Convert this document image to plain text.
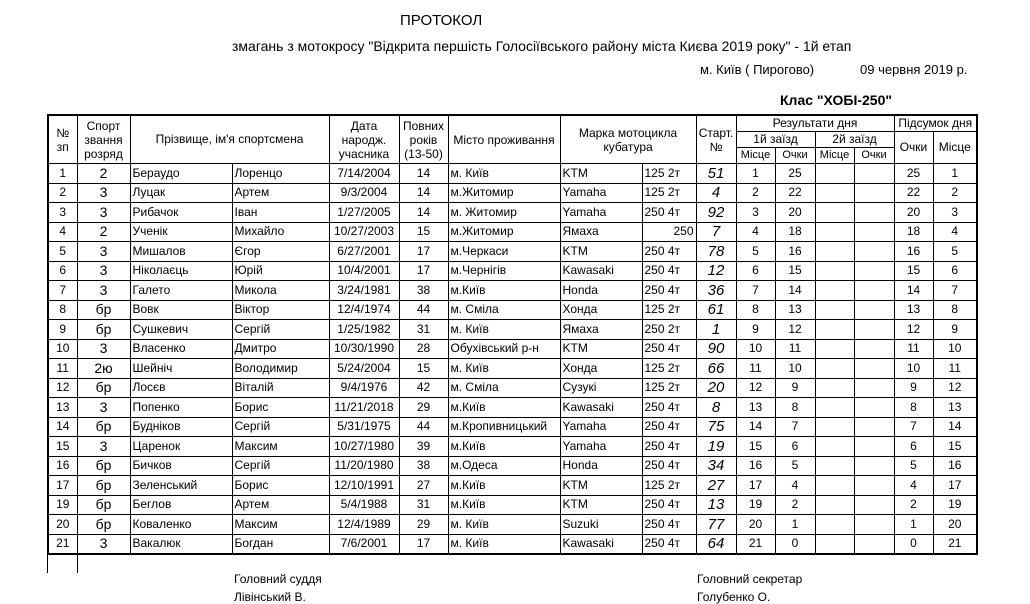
ПРОТОКОЛ
змагань з мотокросу "Відкрита першість Голосіївського району міста Києва 2019 року" - 1й етап
м. Київ ( Пирогово)	09 червня 2019 р.
Клас "ХОБІ-250"
№ зп	Спорт звання розряд	Прізвище, ім'я спортсмена		Дата народж. учасника	Повних років (13-50)	Місто проживання	Марка мотоцикла кубатура		Старт. №	Результати дня				Підсумок дня	
										1й заїзд		2й заїзд		Очки	Місце
										Місце	Очки	Місце	Очки		
1	2	Бераудо	Лоренцо	7/14/2004	14	м. Київ	KTM	125 2т	51	1	25			25	1
2	3	Луцак	Артем	9/3/2004	14	м.Житомир	Yamaha	125 2т	4	2	22			22	2
3	3	Рибачок	Іван	1/27/2005	14	м. Житомир	Yamaha	250 4т	92	3	20			20	3
4	2	Ученік	Михайло	10/27/2003	15	м.Житомир	Ямаха	250	7	4	18			18	4
5	3	Мишалов	Єгор	6/27/2001	17	м.Черкаси	KTM	250 4т	78	5	16			16	5
6	3	Ніколаєць	Юрій	10/4/2001	17	м.Чернігів	Kawasaki	250 4т	12	6	15			15	6
7	3	Галето	Микола	3/24/1981	38	м.Київ	Honda	250 4т	36	7	14			14	7
8	бр	Вовк	Віктор	12/4/1974	44	м. Сміла	Хонда	125 2т	61	8	13			13	8
9	бр	Сушкевич	Сергій	1/25/1982	31	м. Київ	Ямаха	250 2т	1	9	12			12	9
10	3	Власенко	Дмитро	10/30/1990	28	Обухівський р-н	KTM	250 4т	90	10	11			11	10
11	2ю	Шейніч	Володимир	5/24/2004	15	м. Київ	Хонда	125 2т	66	11	10			10	11
12	бр	Лосєв	Віталій	9/4/1976	42	м. Сміла	Сузукі	125 2т	20	12	9			9	12
13	3	Попенко	Борис	11/21/2018	29	м.Київ	Kawasaki	250 4т	8	13	8			8	13
14	бр	Будніков	Сергій	5/31/1975	44	м.Кропивницький	Yamaha	250 4т	75	14	7			7	14
15	3	Царенок	Максим	10/27/1980	39	м.Київ	Yamaha	250 4т	19	15	6			6	15
16	бр	Бичков	Сергій	11/20/1980	38	м.Одеса	Honda	250 4т	34	16	5			5	16
17	бр	Зеленський	Борис	12/10/1991	27	м.Київ	KTM	125 2т	27	17	4			4	17
19	бр	Беглов	Артем	5/4/1988	31	м.Київ	KTM	250 4т	13	19	2			2	19
20	бр	Коваленко	Максим	12/4/1989	29	м. Київ	Suzuki	250 4т	77	20	1			1	20
21	3	Вакалюк	Богдан	7/6/2001	17	м. Київ	Kawasaki	250 4т	64	21	0			0	21
Головний суддя
Лівінський В.
Головний секретар
Голубенко О.
